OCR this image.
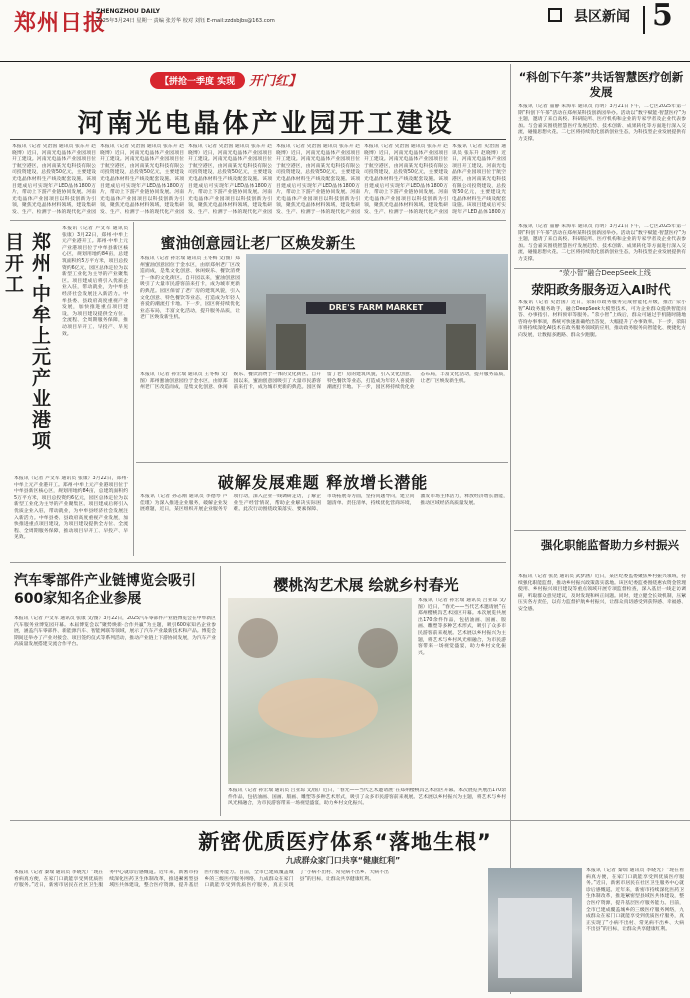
郑州日报
ZHENGZHOU DAILY
2025年3月24日 星期一 责编 张芳华 校对 刘钰 E-mail:zzdsbjbs@163.com	县区新闻 5
【拼抢一季度 实现 开门红】
河南光电晶体产业园开工建设
本报讯（记者 史治国 通讯员 张东升 赵晓博）近日，河南光电晶体产业园项目开工建设。河南光电晶体产业园项目位于航空港区，由河南某光电科技有限公司投资建设，总投资50亿元，主要建设光电晶体材料生产线及配套设施。该项目建成后可实现年产LED晶体1800万片，带动上下游产业链协同发展。河南光电晶体产业园项目以科技创新为引领，聚焦光电晶体材料领域，建设集研发、生产、检测于一体的现代化产业园
本报讯（记者 史治国 通讯员 张东升 赵晓博）近日，河南光电晶体产业园项目开工建设。河南光电晶体产业园项目位于航空港区，由河南某光电科技有限公司投资建设，总投资50亿元，主要建设光电晶体材料生产线及配套设施。该项目建成后可实现年产LED晶体1800万片，带动上下游产业链协同发展。河南光电晶体产业园项目以科技创新为引领，聚焦光电晶体材料领域，建设集研发、生产、检测于一体的现代化产业园
本报讯（记者 史治国 通讯员 张东升 赵晓博）近日，河南光电晶体产业园项目开工建设。河南光电晶体产业园项目位于航空港区，由河南某光电科技有限公司投资建设，总投资50亿元，主要建设光电晶体材料生产线及配套设施。该项目建成后可实现年产LED晶体1800万片，带动上下游产业链协同发展。河南光电晶体产业园项目以科技创新为引领，聚焦光电晶体材料领域，建设集研发、生产、检测于一体的现代化产业园
本报讯（记者 史治国 通讯员 张东升 赵晓博）近日，河南光电晶体产业园项目开工建设。河南光电晶体产业园项目位于航空港区，由河南某光电科技有限公司投资建设，总投资50亿元，主要建设光电晶体材料生产线及配套设施。该项目建成后可实现年产LED晶体1800万片，带动上下游产业链协同发展。河南光电晶体产业园项目以科技创新为引领，聚焦光电晶体材料领域，建设集研发、生产、检测于一体的现代化产业园
本报讯（记者 史治国 通讯员 张东升 赵晓博）近日，河南光电晶体产业园项目开工建设。河南光电晶体产业园项目位于航空港区，由河南某光电科技有限公司投资建设，总投资50亿元，主要建设光电晶体材料生产线及配套设施。该项目建成后可实现年产LED晶体1800万片，带动上下游产业链协同发展。河南光电晶体产业园项目以科技创新为引领，聚焦光电晶体材料领域，建设集研发、生产、检测于一体的现代化产业园
本报讯（记者 史治国 通讯员 张东升 赵晓博）近日，河南光电晶体产业园项目开工建设。河南光电晶体产业园项目位于航空港区，由河南某光电科技有限公司投资建设，总投资50亿元，主要建设光电晶体材料生产线及配套设施。该项目建成后可实现年产LED晶体1800万
本报讯（记者 卢文军 通讯员 张康）3月22日，郑州·中牟上元产业港开工。郑州·中牟上元产业港项目位于中牟县新区核心区，规划用地约84亩，总建筑面积约5万平方米，项目总投资约6亿元，园区总体定位为以新型工业化为主导的产业聚集区。项目建成后将引入优质企业入驻，带动就业，为中牟县经济社会发展注入新活力。中牟县委、县政府高度重视产业发展，加快推进重点项目建设，为项目建设提供全方位、全流程、全周期服务保障，推动项目早开工、早投产、早见效。
郑州·中牟上元产业港项目开工
本报讯（记者 卢文军 通讯员 张康）3月22日，郑州·中牟上元产业港开工。郑州·中牟上元产业港项目位于中牟县新区核心区，规划用地约84亩，总建筑面积约5万平方米，项目总投资约6亿元，园区总体定位为以新型工业化为主导的产业聚集区。项目建成后将引入优质企业入驻，带动就业，为中牟县经济社会发展注入新活力。中牟县委、县政府高度重视产业发展，加快推进重点项目建设，为项目建设提供全方位、全流程、全周期服务保障，推动项目早开工、早投产、早见效。
蜜油创意园让老厂区焕发新生
本报讯（记者 孙宏瑞 通讯员 王冬梅 文/图）郑州蜜油创意园位于金水区，由原郑州老厂区改造而成，是集文化创意、休闲娱乐、餐饮消费于一体的文化街区。自开园以来，蜜油创意园吸引了大量市民游客前来打卡，成为城市更新的典范。园区保留了老厂房的建筑风貌，引入文化创意、特色餐饮等业态，打造成为年轻人喜爱的潮流打卡地。下一步，园区将持续优化业态布局，丰富文化活动，提升服务品质，让老厂区焕发新生机。
本报讯（记者 孙宏瑞 通讯员 王冬梅 文/图）郑州蜜油创意园位于金水区，由原郑州老厂区改造而成，是集文化创意、休闲娱乐、餐饮消费于一体的文化街区。自开园以来，蜜油创意园吸引了大量市民游客前来打卡，成为城市更新的典范。园区保留了老厂房的建筑风貌，引入文化创意、特色餐饮等业态，打造成为年轻人喜爱的潮流打卡地。下一步，园区将持续优化业态布局，丰富文化活动，提升服务品质，让老厂区焕发新生机。
DRE'S FARM MARKET
破解发展难题 释放增长潜能
本报讯（记者 孙志刚 通讯员 李德琴 卢佳瑾）为深入推进企业服务，破解企业发展难题，近日，某区组织开展企业服务专项行动，深入企业一线调研走访，了解企业生产经营情况，帮助企业解决实际困难。此次行动围绕政策落实、要素保障、市场拓展等方面，坚持问题导向，建立问题清单、责任清单，持续优化营商环境，激发市场主体活力，释放经济增长潜能，推动区域经济高质量发展。
汽车零部件产业链博览会吸引600家知名企业参展
本报讯（记者 卢文军 通讯员 张康 文/图）3月22日，2025汽车零部件产业链博览会在中牟新区汽车服务业博览园开幕。本届博览会以“聚势焕新·合作共赢”为主题，吸引600家知名企业参展，涵盖汽车零部件、新能源汽车、智能网联等领域，展示了汽车产业最新技术和产品。博览会期间还举办了产业对接会、项目签约仪式等系列活动，推动产业链上下游协同发展，为汽车产业高质量发展搭建交流合作平台。
樱桃沟艺术展 绘就乡村春光
本报讯（记者 孙宏瑞 通讯员 吕亚琼 文/图）近日，“春光——当代艺术邀请展”在郑州樱桃沟艺术园区开幕。本次展览共展出170余件作品，包括油画、国画、版画、雕塑等多种艺术形式，吸引了众多市民游客前来观展。艺术展以乡村振兴为主题，将艺术与乡村风光相融合，为市民游客带来一场视觉盛宴，助力乡村文化振兴。
本报讯（记者 孙宏瑞 通讯员 吕亚琼 文/图）近日，“春光——当代艺术邀请展”在郑州樱桃沟艺术园区开幕。本次展览共展出170余件作品，包括油画、国画、版画、雕塑等多种艺术形式，吸引了众多市民游客前来观展。艺术展以乡村振兴为主题，将艺术与乡村风光相融合，为市民游客带来一场视觉盛宴，助力乡村文化振兴。
新密优质医疗体系“落地生根”
九成群众家门口共享“健康红利”
本报讯（记者 秦瑞 通讯员 李晓光）“现在看病真方便，在家门口就能享受到优质医疗服务。”近日，新密市居民在社区卫生服务中心就诊后感慨道。近年来，新密市持续深化医药卫生体制改革，推进紧密型县域医共体建设，整合医疗资源，提升基层医疗服务能力。目前，全市已建成覆盖城乡的三级医疗服务网络，九成群众在家门口就能享受到优质医疗服务，真正实现了“小病不出村、常见病不出乡、大病不出县”的目标，让群众共享健康红利。
本报讯（记者 秦瑞 通讯员 李晓光）“现在看病真方便，在家门口就能享受到优质医疗服务。”近日，新密市居民在社区卫生服务中心就诊后感慨道。近年来，新密市持续深化医药卫生体制改革，推进紧密型县域医共体建设，整合医疗资源，提升基层医疗服务能力。目前，全市已建成覆盖城乡的三级医疗服务网络，九成群众在家门口就能享受到优质医疗服务，真正实现了“小病不出村、常见病不出乡、大病不出县”的目标，让群众共享健康红利。
“科创下午茶”共话智慧医疗创新发展
本报讯（记者 董静 朱海军 通讯员 肖明）3月21日下午，二七区2025年第一期“科创下午茶”活动在郑州某科技创新园举办。活动以“数字赋能·智慧医疗”为主题，邀请了来自高校、科研院所、医疗机构和企业的专家学者及企业代表参加。与会嘉宾围绕智慧医疗发展趋势、技术创新、成果转化等方面进行深入交流，碰撞思想火花。二七区将持续优化创新创业生态，为科技型企业发展提供有力支撑。
本报讯（记者 董静 朱海军 通讯员 肖明）3月21日下午，二七区2025年第一期“科创下午茶”活动在郑州某科技创新园举办。活动以“数字赋能·智慧医疗”为主题，邀请了来自高校、科研院所、医疗机构和企业的专家学者及企业代表参加。与会嘉宾围绕智慧医疗发展趋势、技术创新、成果转化等方面进行深入交流，碰撞思想火花。二七区将持续优化创新创业生态，为科技型企业发展提供有力支撑。
“荥小智”融合DeepSeek上线
荥阳政务服务迈入AI时代
本报讯（记者 史治国）近日，荥阳市政务服务完成智能化升级，推出“荥小智”AI政务服务助手，融合DeepSeek大模型技术，可为企业群众提供智能问答、办事指引、材料预审等服务。“荥小智”上线后，群众可通过手机随时随地咨询办事事项，系统可快速准确给出答复，大幅提升了办事效率。下一步，荥阳市将持续深化AI技术在政务服务领域的应用，推动政务服务向智能化、便捷化方向发展，让数据多跑路、群众少跑腿。
强化职能监督助力乡村振兴
本报讯（记者 张昆 通讯员 武梦涵）近日，某区纪委监委聚焦乡村振兴领域，持续强化职能监督，推动乡村振兴政策落实落地。该区纪委监委围绕惠农资金管理使用、乡村振兴项目建设等重点领域开展专项监督检查，深入基层一线走访调研，听取群众意见建议，及时发现和纠正问题。同时，建立健全长效机制，压紧压实各方责任，以有力监督护航乡村振兴，让群众真切感受到获得感、幸福感、安全感。
